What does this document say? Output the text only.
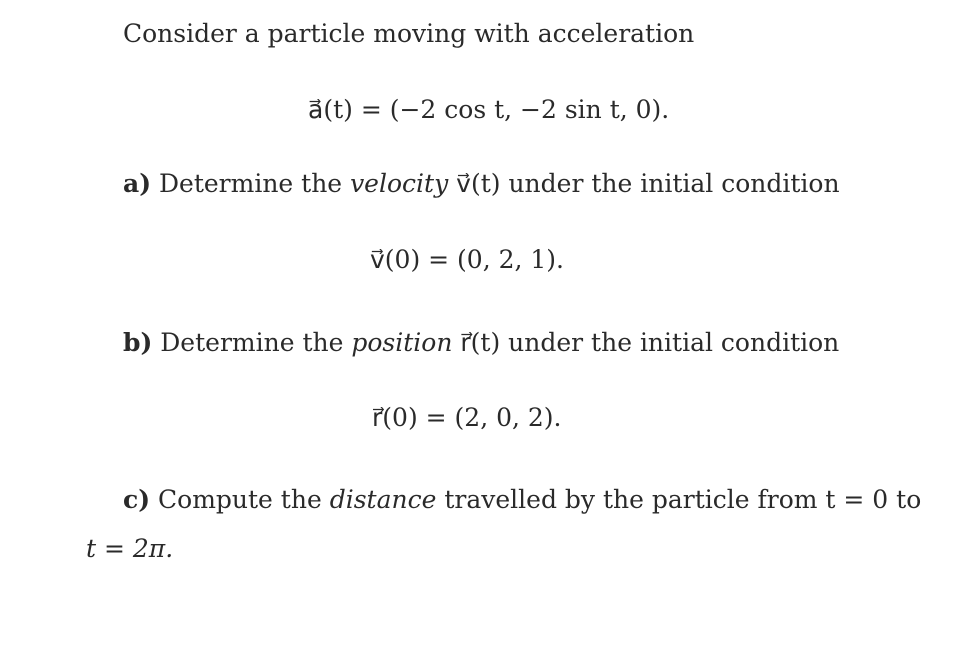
Consider a particle moving with acceleration
a⃗(t) = (−2 cos t, −2 sin t, 0).
a) Determine the velocity v⃗(t) under the initial condition
v⃗(0) = (0, 2, 1).
b) Determine the position r⃗(t) under the initial condition
r⃗(0) = (2, 0, 2).
c) Compute the distance travelled by the particle from t = 0 to
t = 2π.
